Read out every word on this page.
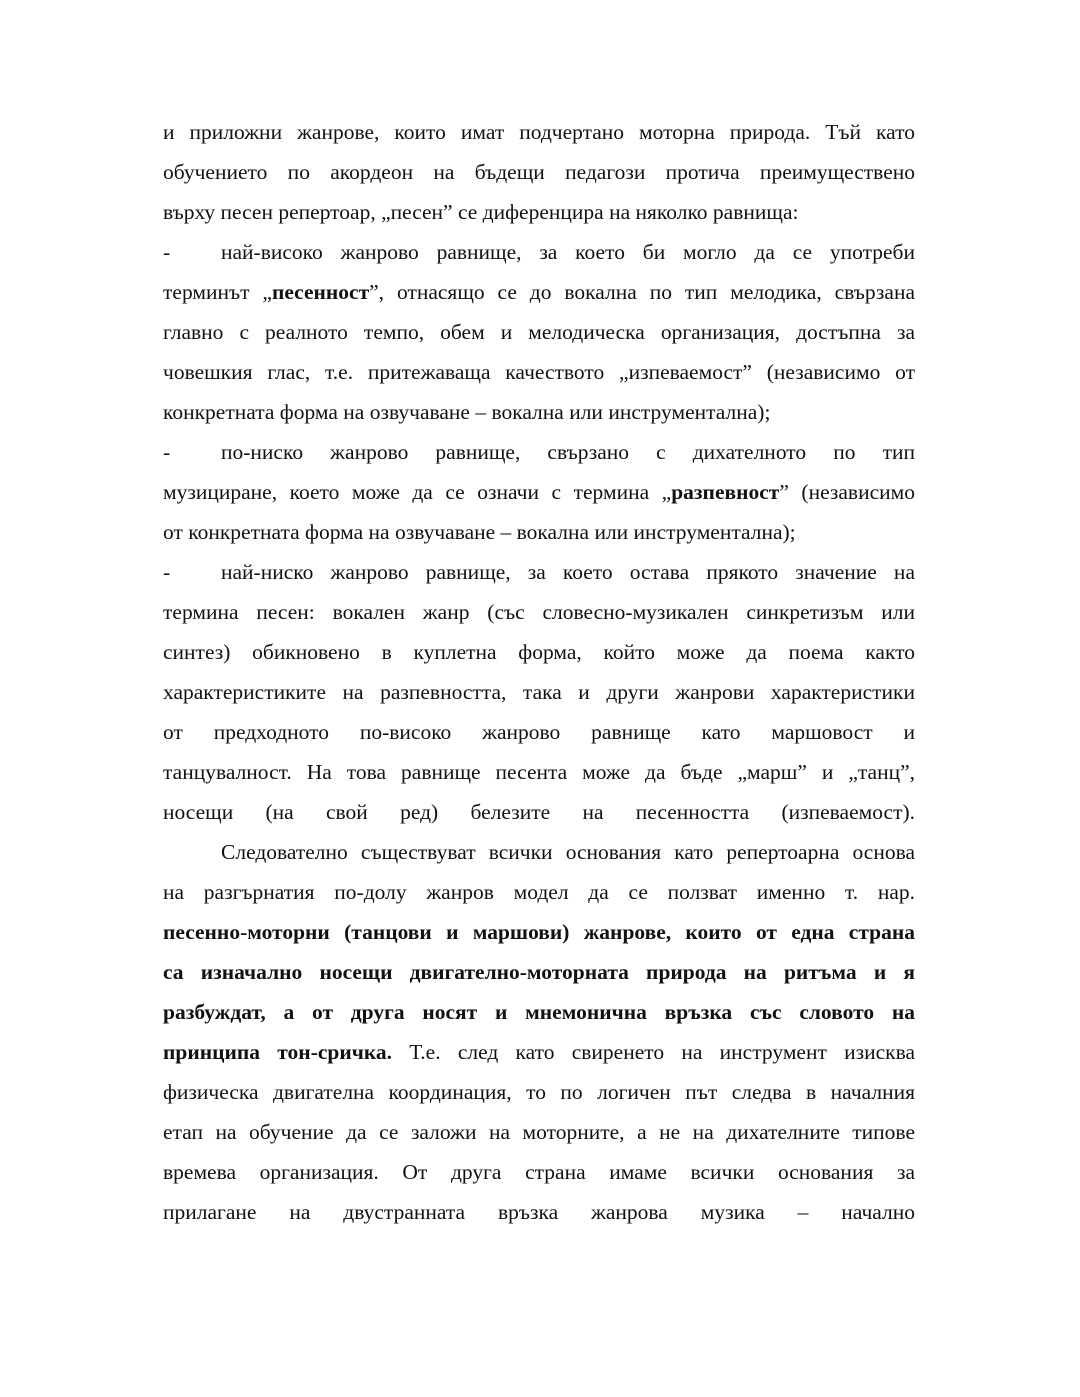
и приложни жанрове, които имат подчертано моторна природа. Тъй като
обучението по акордеон на бъдещи педагози протича преимуществено
върху песен репертоар, „песен” се диференцира на няколко равнища:
- най-високо жанрово равнище, за което би могло да се употреби
терминът „песенност”, отнасящо се до вокална по тип мелодика, свързана
главно с реалното темпо, обем и мелодическа организация, достъпна за
човешкия глас, т.е. притежаваща качеството „изпеваемост” (независимо от
конкретната форма на озвучаване – вокална или инструментална);
- по-ниско жанрово равнище, свързано с дихателното по тип
музициране, което може да се означи с термина „разпевност” (независимо
от конкретната форма на озвучаване – вокална или инструментална);
- най-ниско жанрово равнище, за което остава прякото значение на
термина песен: вокален жанр (със словесно-музикален синкретизъм или
синтез) обикновено в куплетна форма, който може да поема както
характеристиките на разпевността, така и други жанрови характеристики
от предходното по-високо жанрово равнище като маршовост и
танцувалност. На това равнище песента може да бъде „марш” и „танц”,
носещи (на свой ред) белезите на песенността (изпеваемост).
Следователно съществуват всички основания като репертоарна основа
на разгърнатия по-долу жанров модел да се ползват именно т. нар.
песенно-моторни (танцови и маршови) жанрове, които от една страна
са изначално носещи двигателно-моторната природа на ритъма и я
разбуждат, а от друга носят и мнемонична връзка със словото на
принципа тон-сричка. Т.е. след като свиренето на инструмент изисква
физическа двигателна координация, то по логичен път следва в началния
етап на обучение да се заложи на моторните, а не на дихателните типове
времева организация. От друга страна имаме всички основания за
прилагане на двустранната връзка жанрова музика – начално
